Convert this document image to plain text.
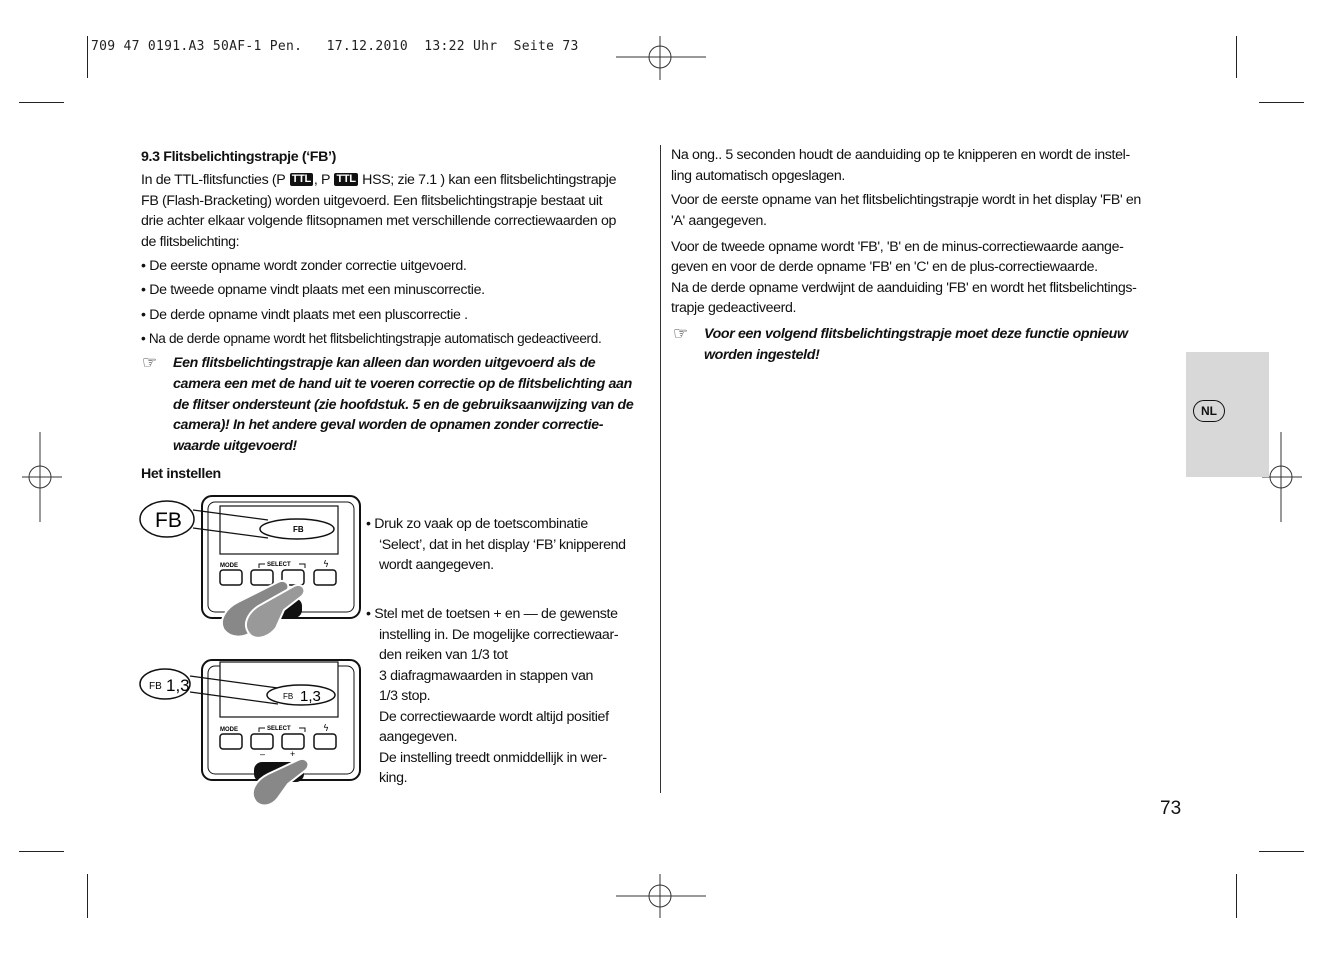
709 47 0191.A3 50AF-1 Pen.   17.12.2010  13:22 Uhr  Seite 73
9.3 Flitsbelichtingstrapje (‘FB’)
In de TTL-flitsfuncties (P TTL , P TTL HSS; zie 7.1 ) kan een flitsbelichtingstrapje
FB (Flash-Bracketing) worden uitgevoerd. Een flitsbelichtingstrapje bestaat uit
drie achter elkaar volgende flitsopnamen met verschillende correctiewaarden op
de flitsbelichting:
• De eerste opname wordt zonder correctie uitgevoerd.
• De tweede opname vindt plaats met een minuscorrectie.
• De derde opname vindt plaats met een pluscorrectie .
• Na de derde opname wordt het flitsbelichtingstrapje automatisch gedeactiveerd.
☞ Een flitsbelichtingstrapje kan alleen dan worden uitgevoerd als de
camera een met de hand uit te voeren correctie op de flitsbelichting aan
de flitser ondersteunt (zie hoofdstuk. 5 en de gebruiksaanwijzing van de
camera)! In het andere geval worden de opnamen zonder correctie-
waarde uitgevoerd!
Het instellen
FB	FB
MODE	SELECT	ϟ
• Druk zo vaak op de toetscombinatie
‘Select’, dat in het display ‘FB’ knipperend
wordt aangegeven.
FB 1,3
FB 1,3
MODE	SELECT	ϟ
–	+
• Stel met de toetsen + en — de gewenste
instelling in. De mogelijke correctiewaar-
den reiken van 1/3 tot
3 diafragmawaarden in stappen van
1/3 stop.
De correctiewaarde wordt altijd positief
aangegeven.
De instelling treedt onmiddellijk in wer-
king.
Na ong.. 5 seconden houdt de aanduiding op te knipperen en wordt de instel-
ling automatisch opgeslagen.
Voor de eerste opname van het flitsbelichtingstrapje wordt in het display 'FB' en
'A' aangegeven.
Voor de tweede opname wordt 'FB', 'B' en de minus-correctiewaarde aange-
geven en voor de derde opname 'FB' en 'C' en de plus-correctiewaarde.
Na de derde opname verdwijnt de aanduiding 'FB' en wordt het flitsbelichtings-
trapje gedeactiveerd.
☞ Voor een volgend flitsbelichtingstrapje moet deze functie opnieuw
worden ingesteld!
NL
73
